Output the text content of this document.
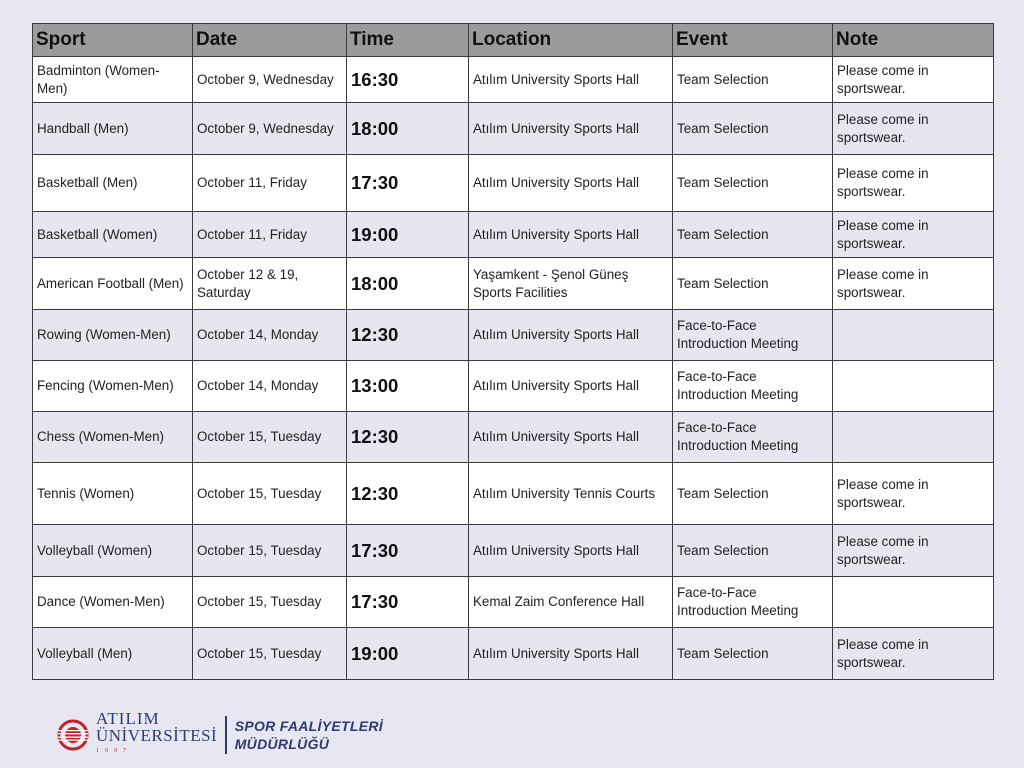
Sport	Date	Time	Location	Event	Note
Badminton (Women-Men)	October 9, Wednesday	16:30	Atılım University Sports Hall	Team Selection	Please come in sportswear.
Handball (Men)	October 9, Wednesday	18:00	Atılım University Sports Hall	Team Selection	Please come in sportswear.
Basketball (Men)	October 11, Friday	17:30	Atılım University Sports Hall	Team Selection	Please come in sportswear.
Basketball (Women)	October 11, Friday	19:00	Atılım University Sports Hall	Team Selection	Please come in sportswear.
American Football (Men)	October 12 & 19, Saturday	18:00	Yaşamkent - Şenol Güneş Sports Facilities	Team Selection	Please come in sportswear.
Rowing (Women-Men)	October 14, Monday	12:30	Atılım University Sports Hall	Face-to-Face Introduction Meeting	
Fencing (Women-Men)	October 14, Monday	13:00	Atılım University Sports Hall	Face-to-Face Introduction Meeting	
Chess (Women-Men)	October 15, Tuesday	12:30	Atılım University Sports Hall	Face-to-Face Introduction Meeting	
Tennis (Women)	October 15, Tuesday	12:30	Atılım University Tennis Courts	Team Selection	Please come in sportswear.
Volleyball (Women)	October 15, Tuesday	17:30	Atılım University Sports Hall	Team Selection	Please come in sportswear.
Dance (Women-Men)	October 15, Tuesday	17:30	Kemal Zaim Conference Hall	Face-to-Face Introduction Meeting	
Volleyball (Men)	October 15, Tuesday	19:00	Atılım University Sports Hall	Team Selection	Please come in sportswear.
ATILIM
ÜNİVERSİTESİ
1997
SPOR FAALİYETLERİ
MÜDÜRLÜĞÜ
